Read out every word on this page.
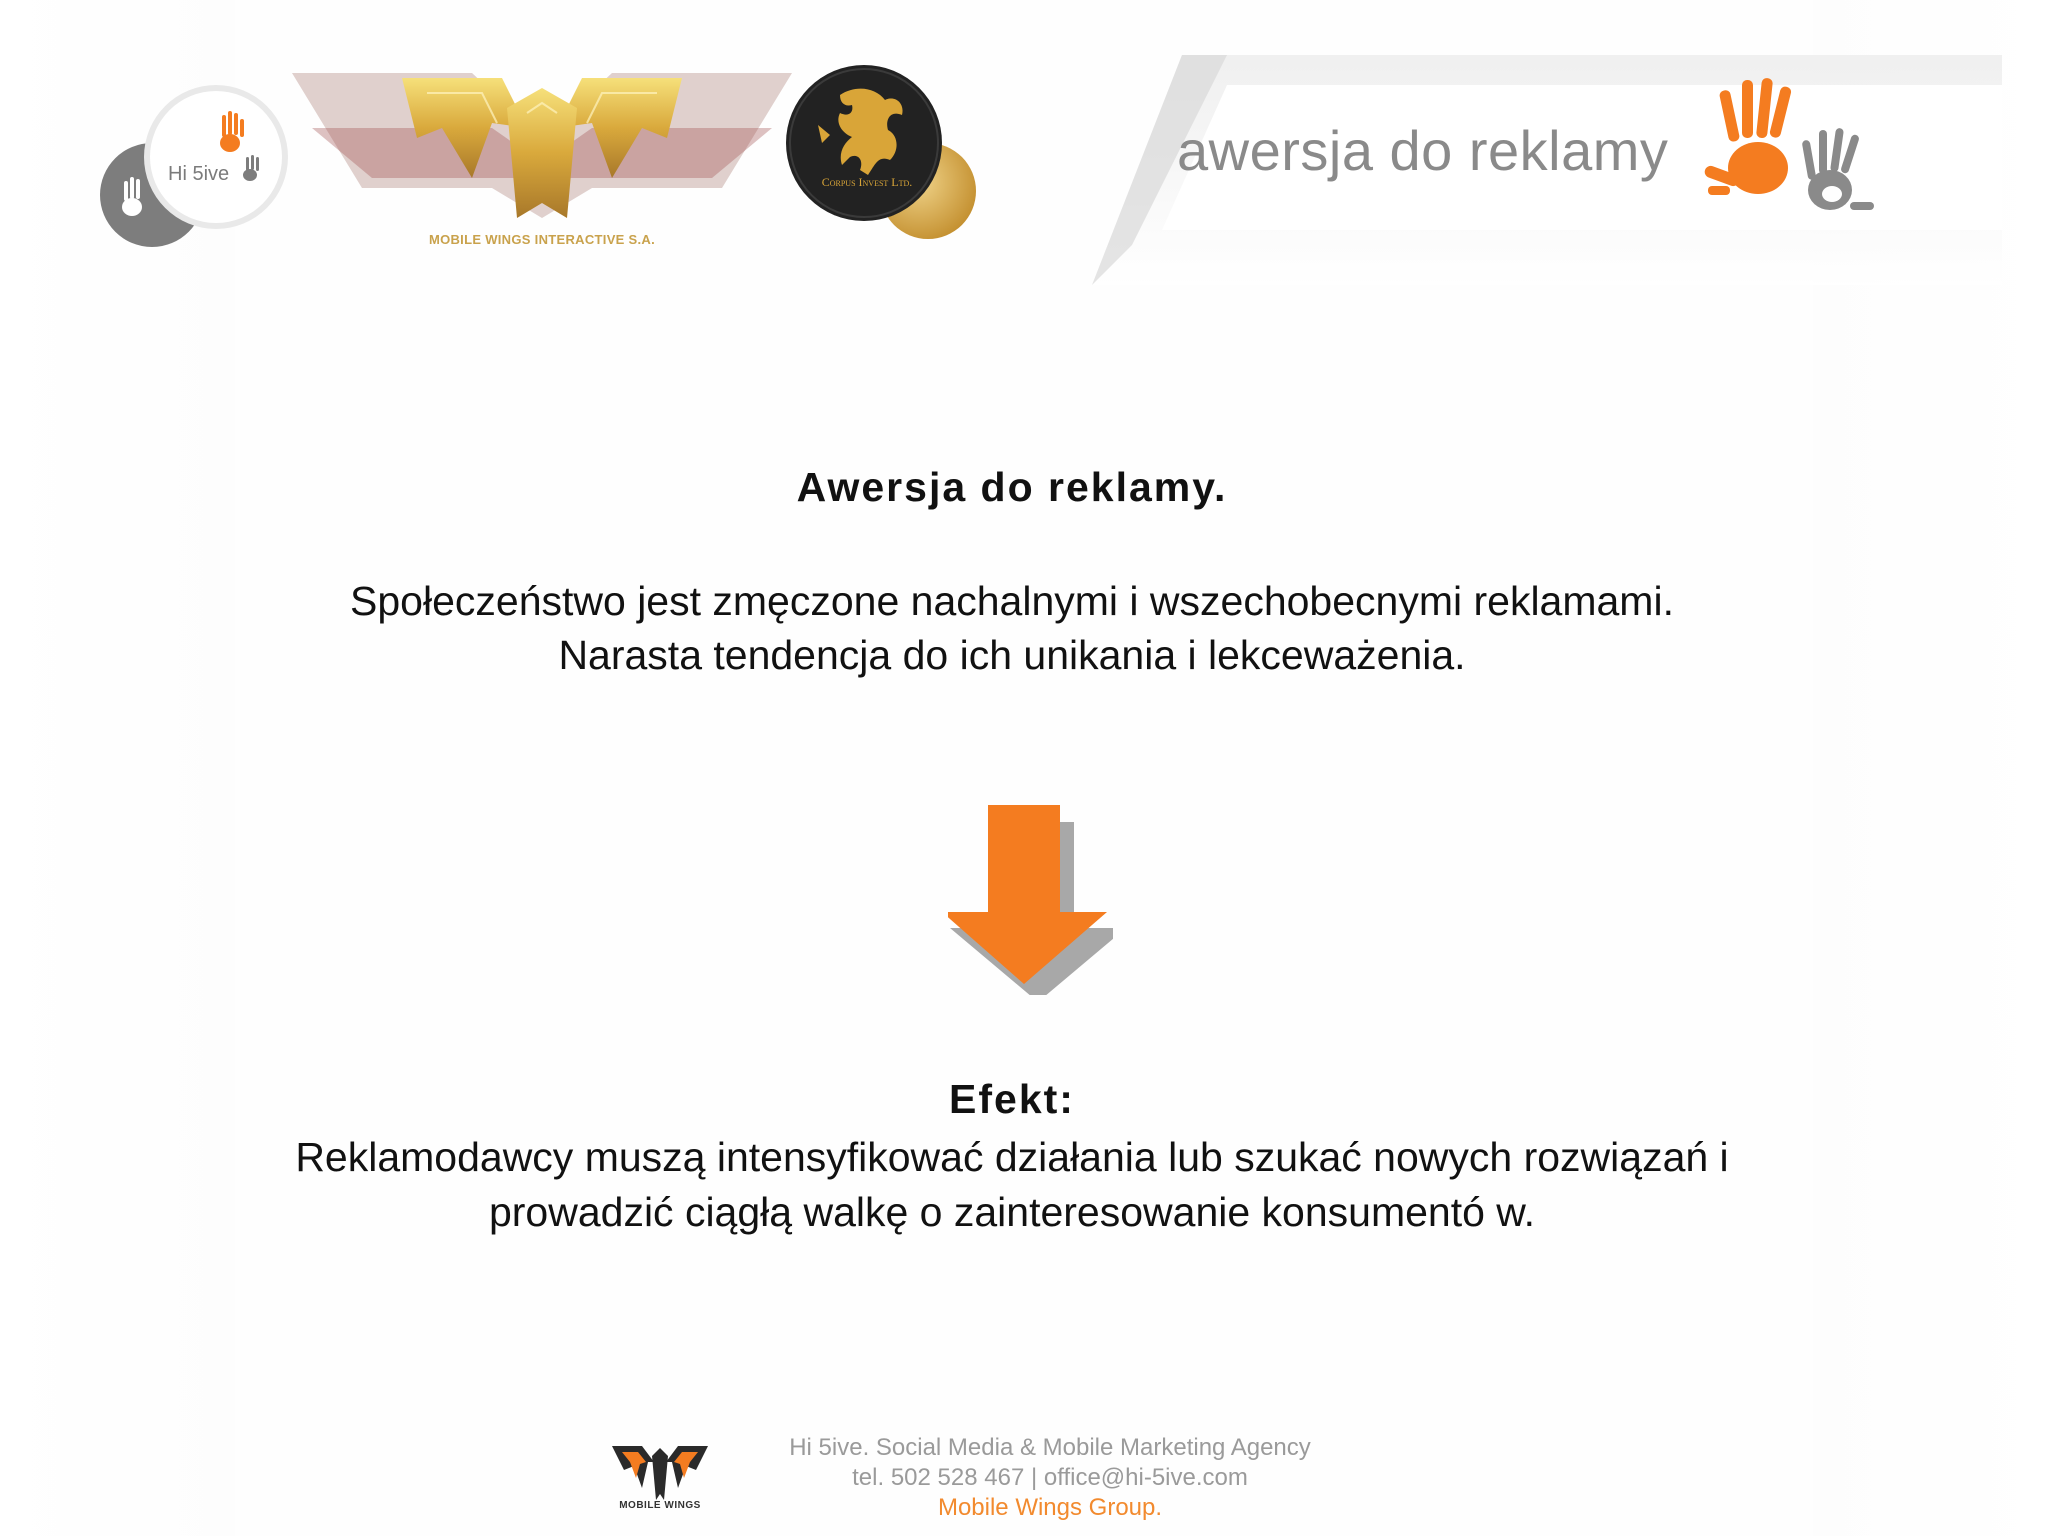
awersja do reklamy
Hi 5ive
MOBILE WINGS INTERACTIVE S.A.
Corpus Invest Ltd.
Awersja do reklamy.
Społeczeństwo jest zmęczone nachalnymi i wszechobecnymi reklamami.
Narasta tendencja do ich unikania i lekceważenia.
Efekt:
Reklamodawcy muszą intensyfikować działania lub szukać nowych rozwiązań i
prowadzić ciągłą walkę o zainteresowanie konsumentó w.
MOBILE WINGS
Hi 5ive. Social Media & Mobile Marketing Agency
tel. 502 528 467 | office@hi-5ive.com
Mobile Wings Group.
